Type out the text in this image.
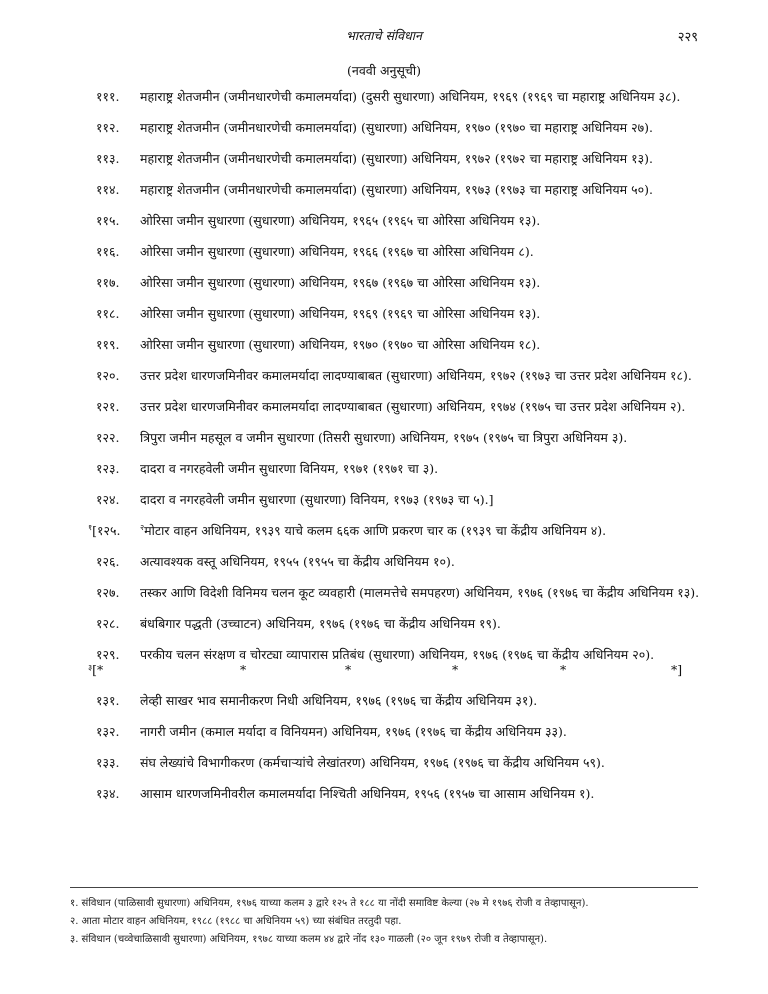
भारताचे संविधान	२२९
(नववी अनुसूची)
१११. महाराष्ट्र शेतजमीन (जमीनधारणेची कमालमर्यादा) (दुसरी सुधारणा) अधिनियम, १९६९ (१९६९ चा महाराष्ट्र अधिनियम ३८).
११२. महाराष्ट्र शेतजमीन (जमीनधारणेची कमालमर्यादा) (सुधारणा) अधिनियम, १९७० (१९७० चा महाराष्ट्र अधिनियम २७).
११३. महाराष्ट्र शेतजमीन (जमीनधारणेची कमालमर्यादा) (सुधारणा) अधिनियम, १९७२ (१९७२ चा महाराष्ट्र अधिनियम १३).
११४. महाराष्ट्र शेतजमीन (जमीनधारणेची कमालमर्यादा) (सुधारणा) अधिनियम, १९७३ (१९७३ चा महाराष्ट्र अधिनियम ५०).
११५. ओरिसा जमीन सुधारणा (सुधारणा) अधिनियम, १९६५ (१९६५ चा ओरिसा अधिनियम १३).
११६. ओरिसा जमीन सुधारणा (सुधारणा) अधिनियम, १९६६ (१९६७ चा ओरिसा अधिनियम ८).
११७. ओरिसा जमीन सुधारणा (सुधारणा) अधिनियम, १९६७ (१९६७ चा ओरिसा अधिनियम १३).
११८. ओरिसा जमीन सुधारणा (सुधारणा) अधिनियम, १९६९ (१९६९ चा ओरिसा अधिनियम १३).
११९. ओरिसा जमीन सुधारणा (सुधारणा) अधिनियम, १९७० (१९७० चा ओरिसा अधिनियम १८).
१२०. उत्तर प्रदेश धारणजमिनीवर कमालमर्यादा लादण्याबाबत (सुधारणा) अधिनियम, १९७२ (१९७३ चा उत्तर प्रदेश अधिनियम १८).
१२१. उत्तर प्रदेश धारणजमिनीवर कमालमर्यादा लादण्याबाबत (सुधारणा) अधिनियम, १९७४ (१९७५ चा उत्तर प्रदेश अधिनियम २).
१२२. त्रिपुरा जमीन महसूल व जमीन सुधारणा (तिसरी सुधारणा) अधिनियम, १९७५ (१९७५ चा त्रिपुरा अधिनियम ३).
१२३. दादरा व नगरहवेली जमीन सुधारणा विनियम, १९७१ (१९७१ चा ३).
१२४. दादरा व नगरहवेली जमीन सुधारणा (सुधारणा) विनियम, १९७३ (१९७३ चा ५).]
$^१$[१२५. $^२$मोटार वाहन अधिनियम, १९३९ याचे कलम ६६क आणि प्रकरण चार क (१९३९ चा केंद्रीय अधिनियम ४).
१२६. अत्यावश्यक वस्तू अधिनियम, १९५५ (१९५५ चा केंद्रीय अधिनियम १०).
१२७. तस्कर आणि विदेशी विनिमय चलन कूट व्यवहारी (मालमत्तेचे समपहरण) अधिनियम, १९७६ (१९७६ चा केंद्रीय अधिनियम १३).
१२८. बंधबिगार पद्धती (उच्चाटन) अधिनियम, १९७६ (१९७६ चा केंद्रीय अधिनियम १९).
१२९. परकीय चलन संरक्षण व चोरट्या व्यापारास प्रतिबंध (सुधारणा) अधिनियम, १९७६ (१९७६ चा केंद्रीय अधिनियम २०).
$^३$ [*	*	*	*	*	*]
१३१. लेव्ही साखर भाव समानीकरण निधी अधिनियम, १९७६ (१९७६ चा केंद्रीय अधिनियम ३१).
१३२. नागरी जमीन (कमाल मर्यादा व विनियमन) अधिनियम, १९७६ (१९७६ चा केंद्रीय अधिनियम ३३).
१३३. संघ लेख्यांचे विभागीकरण (कर्मचाऱ्यांचे लेखांतरण) अधिनियम, १९७६ (१९७६ चा केंद्रीय अधिनियम ५९).
१३४. आसाम धारणजमिनीवरील कमालमर्यादा निश्चिती अधिनियम, १९५६ (१९५७ चा आसाम अधिनियम १).
१. संविधान (पाळिसावी सुधारणा) अधिनियम, १९७६ याच्या कलम ३ द्वारे १२५ ते १८८ या नोंदी समाविष्ट केल्या (२७ मे १९७६ रोजी व तेव्हापासून).
२. आता मोटार वाहन अधिनियम, १९८८ (१९८८ चा अधिनियम ५९) च्या संबंधित तरतुदी पहा.
३. संविधान (चव्वेचाळिसावी सुधारणा) अधिनियम, १९७८ याच्या कलम ४४ द्वारे नोंद १३० गाळली (२० जून १९७९ रोजी व तेव्हापासून).
